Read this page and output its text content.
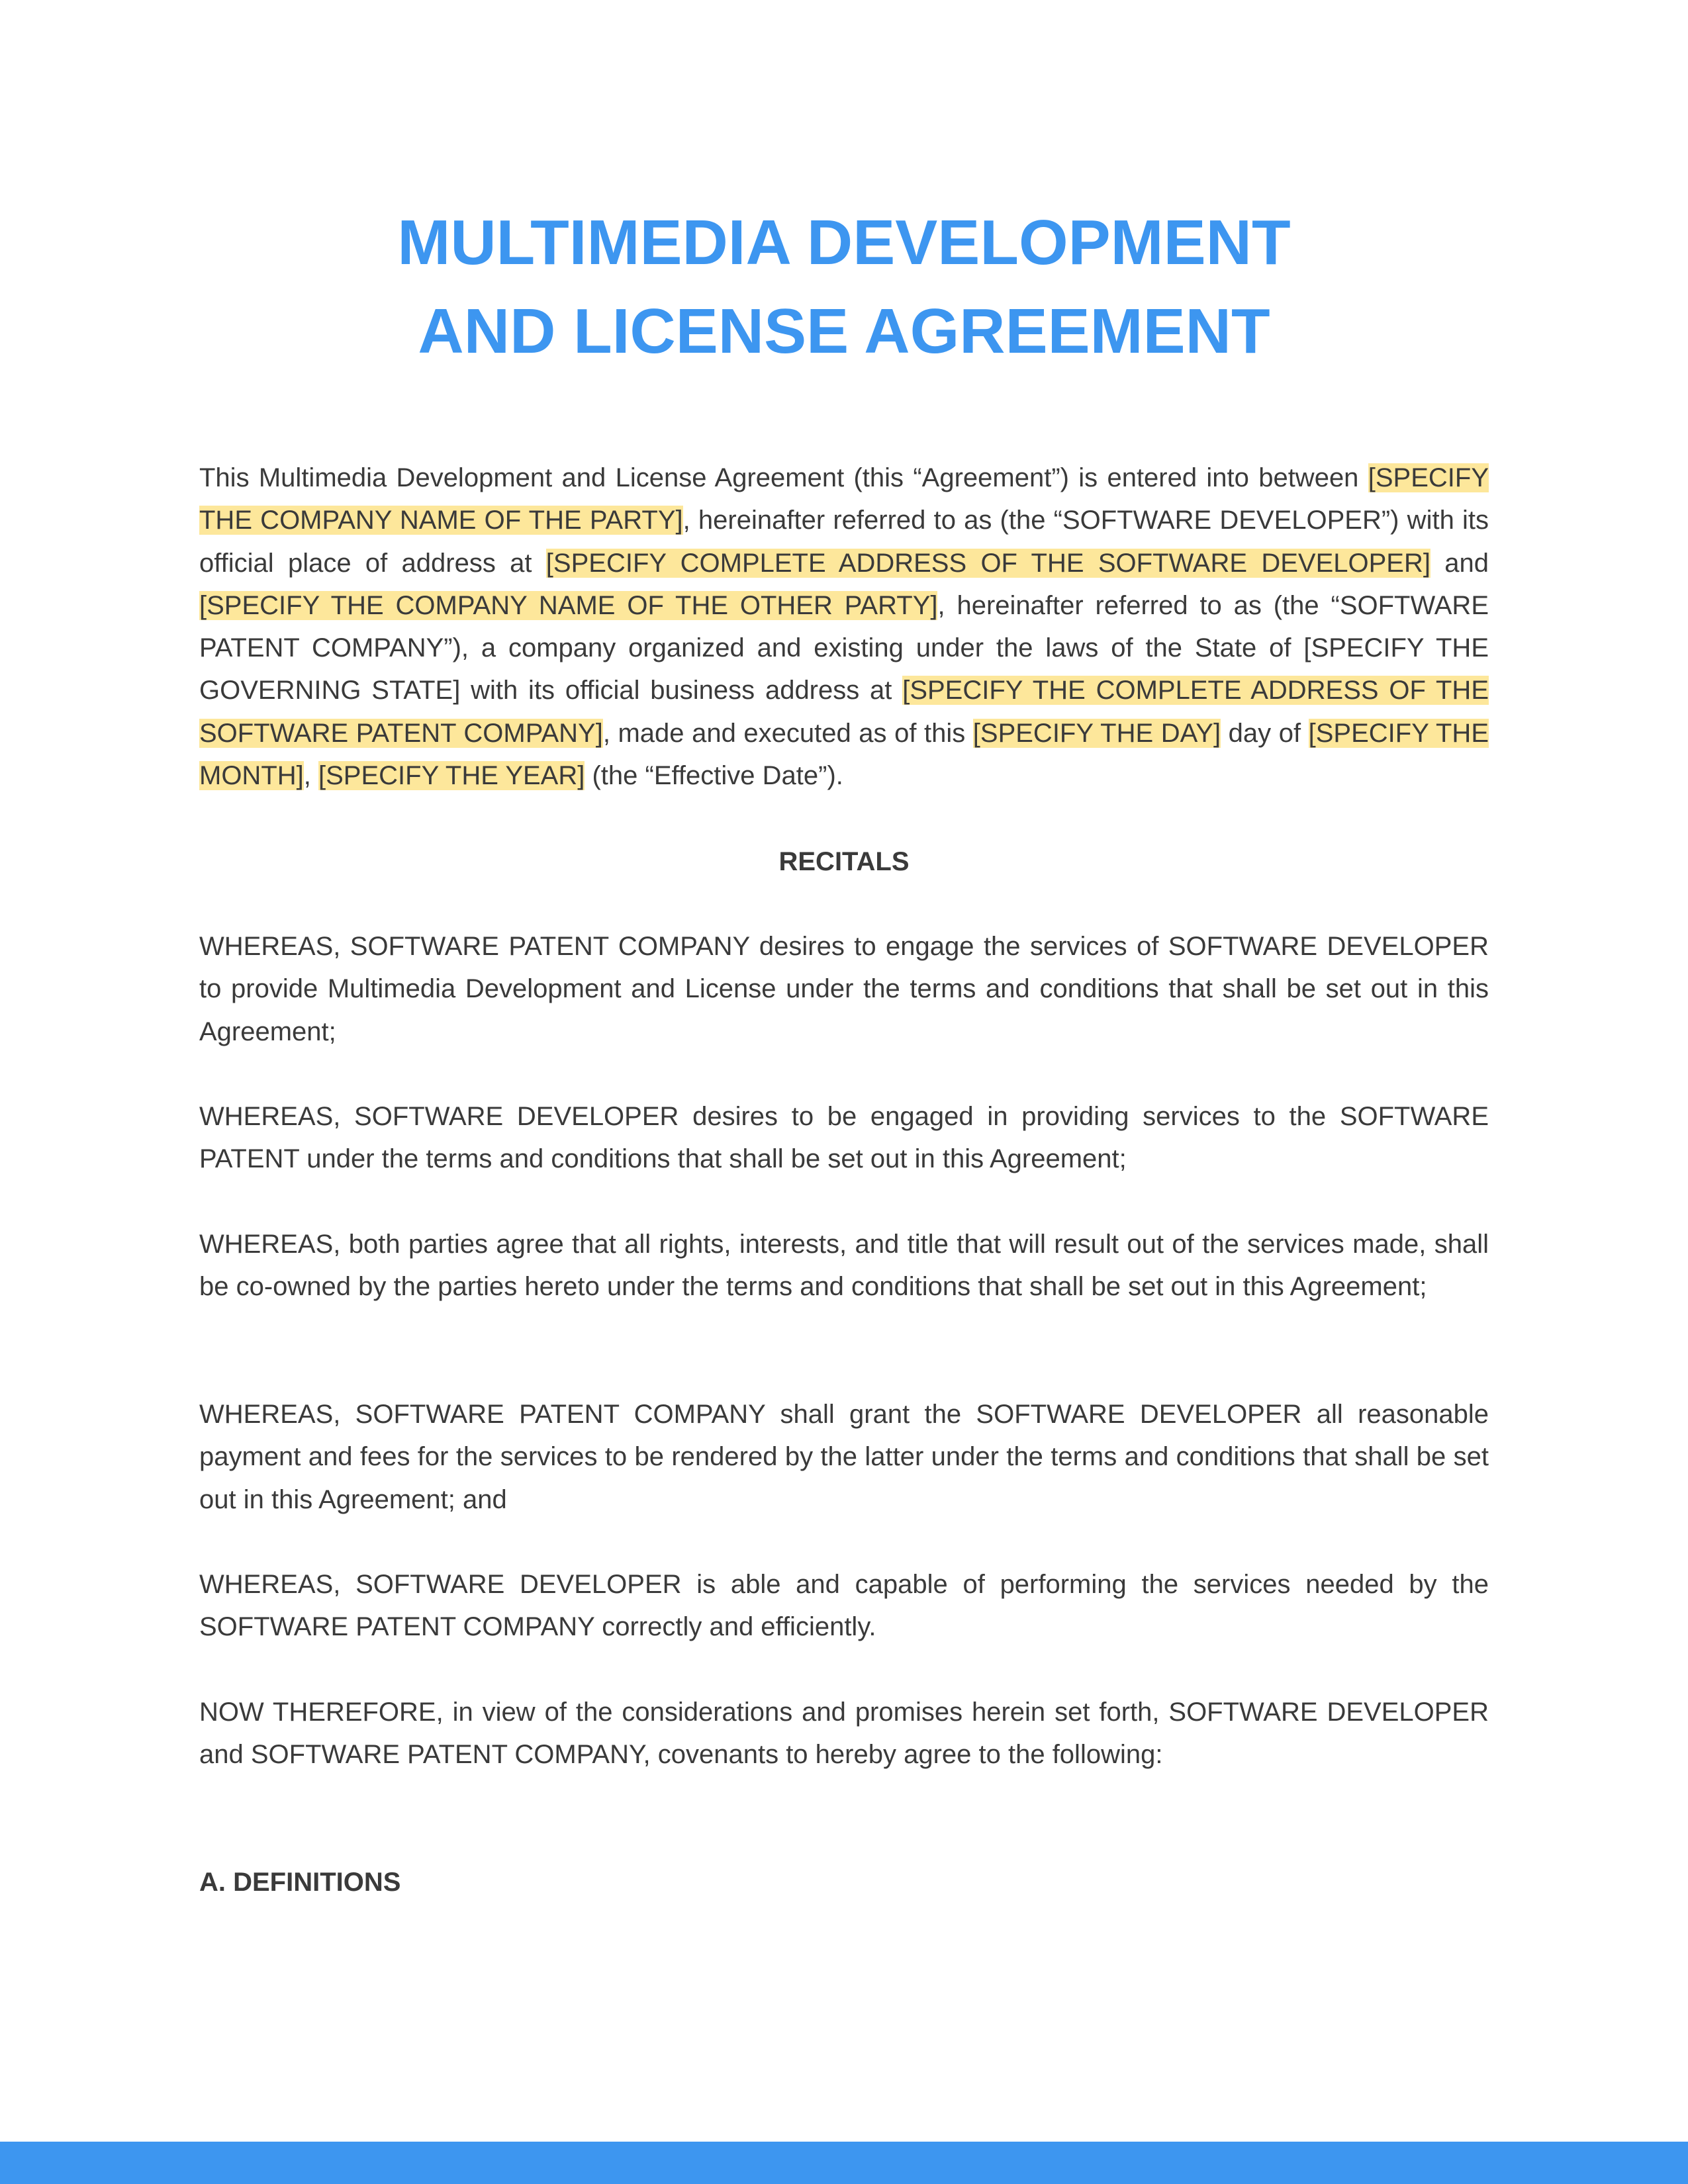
MULTIMEDIA DEVELOPMENT
AND LICENSE AGREEMENT
This Multimedia Development and License Agreement (this “Agreement”) is entered into between [SPECIFY THE COMPANY NAME OF THE PARTY], hereinafter referred to as (the “SOFTWARE DEVELOPER”) with its official place of address at [SPECIFY COMPLETE ADDRESS OF THE SOFTWARE DEVELOPER] and [SPECIFY THE COMPANY NAME OF THE OTHER PARTY], hereinafter referred to as (the “SOFTWARE PATENT COMPANY”), a company organized and existing under the laws of the State of [SPECIFY THE GOVERNING STATE] with its official business address at [SPECIFY THE COMPLETE ADDRESS OF THE SOFTWARE PATENT COMPANY], made and executed as of this [SPECIFY THE DAY] day of [SPECIFY THE MONTH], [SPECIFY THE YEAR] (the “Effective Date”).
RECITALS
WHEREAS, SOFTWARE PATENT COMPANY desires to engage the services of SOFTWARE DEVELOPER to provide Multimedia Development and License under the terms and conditions that shall be set out in this Agreement;
WHEREAS, SOFTWARE DEVELOPER desires to be engaged in providing services to the SOFTWARE PATENT under the terms and conditions that shall be set out in this Agreement;
WHEREAS, both parties agree that all rights, interests, and title that will result out of the services made, shall be co-owned by the parties hereto under the terms and conditions that shall be set out in this Agreement;
WHEREAS, SOFTWARE PATENT COMPANY shall grant the SOFTWARE DEVELOPER all reasonable payment and fees for the services to be rendered by the latter under the terms and conditions that shall be set out in this Agreement; and
WHEREAS, SOFTWARE DEVELOPER is able and capable of performing the services needed by the SOFTWARE PATENT COMPANY correctly and efficiently.
NOW THEREFORE, in view of the considerations and promises herein set forth, SOFTWARE DEVELOPER and SOFTWARE PATENT COMPANY, covenants to hereby agree to the following:
A. DEFINITIONS
